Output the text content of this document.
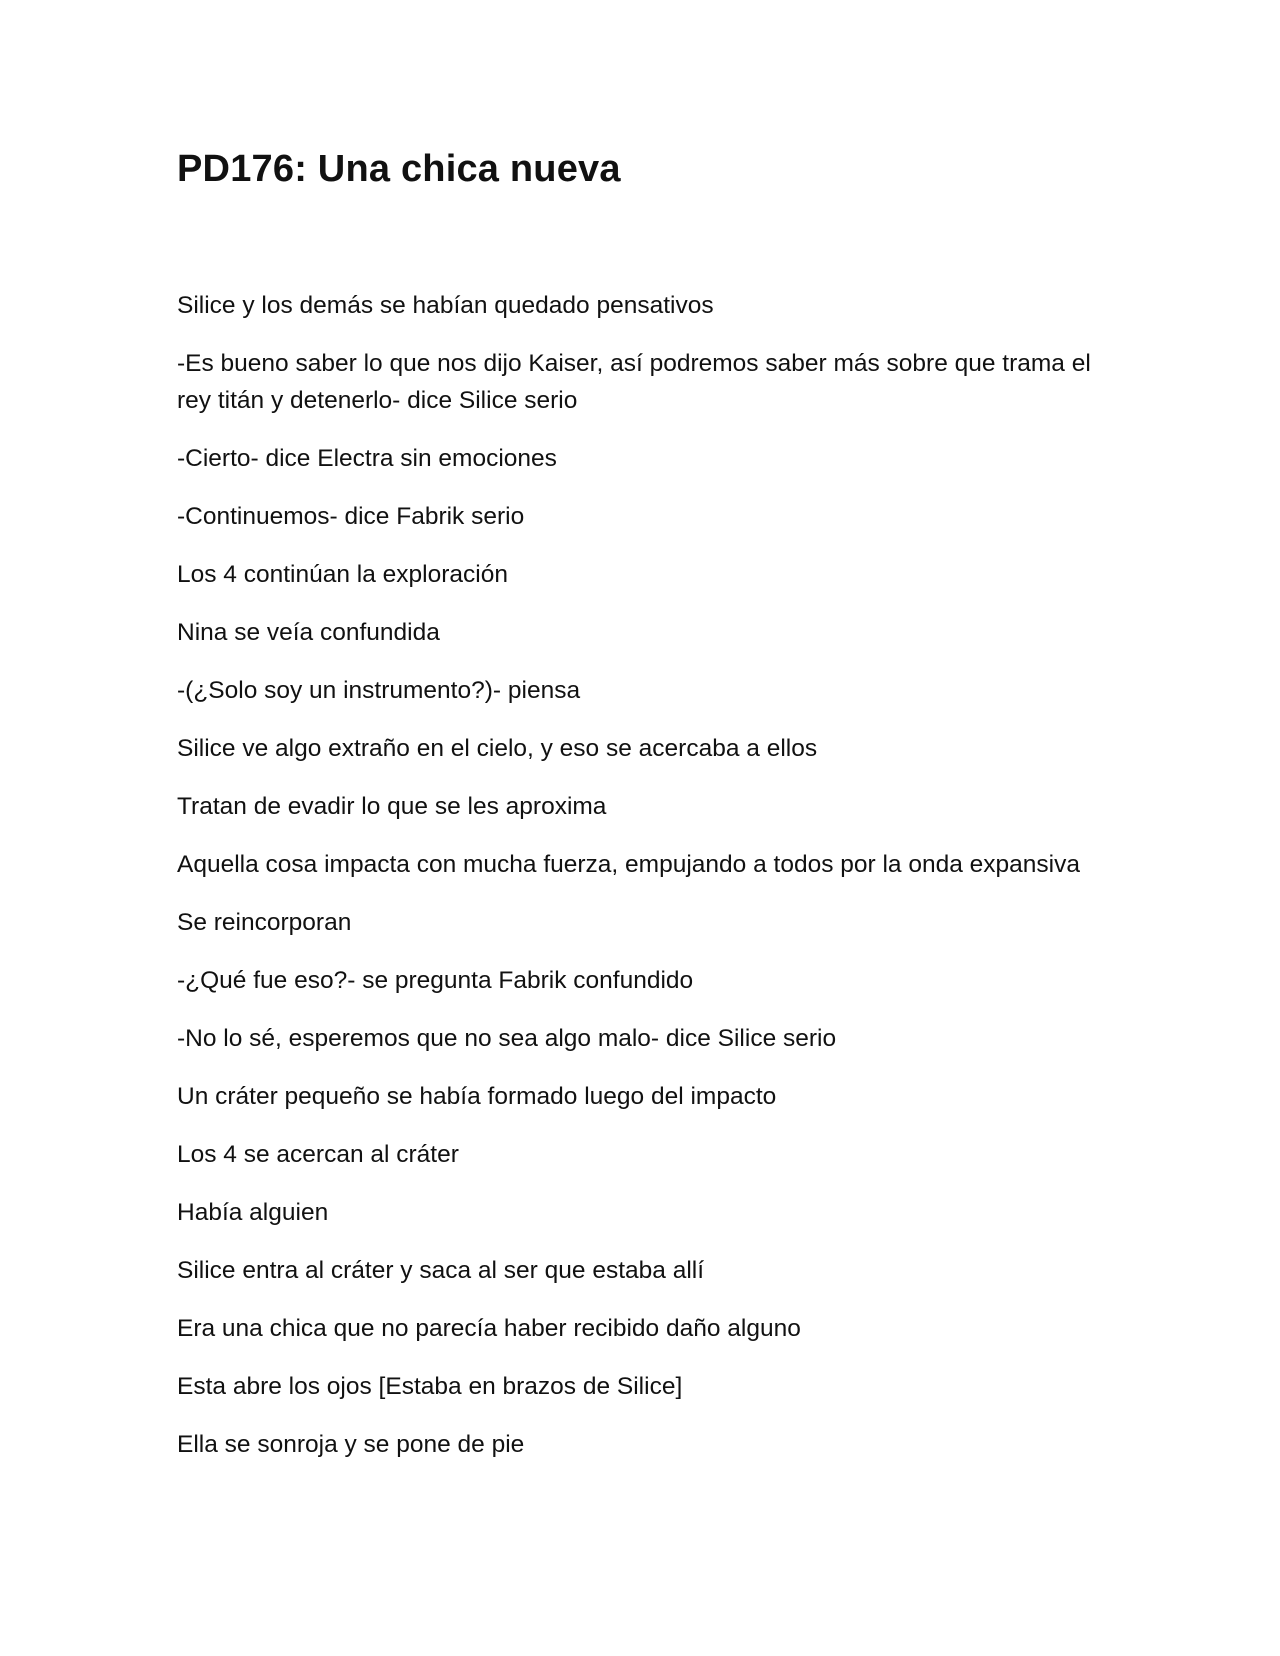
PD176: Una chica nueva

Silice y los demás se habían quedado pensativos

-Es bueno saber lo que nos dijo Kaiser, así podremos saber más sobre que trama el rey titán y detenerlo- dice Silice serio

-Cierto- dice Electra sin emociones

-Continuemos- dice Fabrik serio

Los 4 continúan la exploración

Nina se veía confundida

-(¿Solo soy un instrumento?)- piensa

Silice ve algo extraño en el cielo, y eso se acercaba a ellos

Tratan de evadir lo que se les aproxima

Aquella cosa impacta con mucha fuerza, empujando a todos por la onda expansiva

Se reincorporan

-¿Qué fue eso?- se pregunta Fabrik confundido

-No lo sé, esperemos que no sea algo malo- dice Silice serio

Un cráter pequeño se había formado luego del impacto

Los 4 se acercan al cráter

Había alguien

Silice entra al cráter y saca al ser que estaba allí

Era una chica que no parecía haber recibido daño alguno

Esta abre los ojos [Estaba en brazos de Silice]

Ella se sonroja y se pone de pie
